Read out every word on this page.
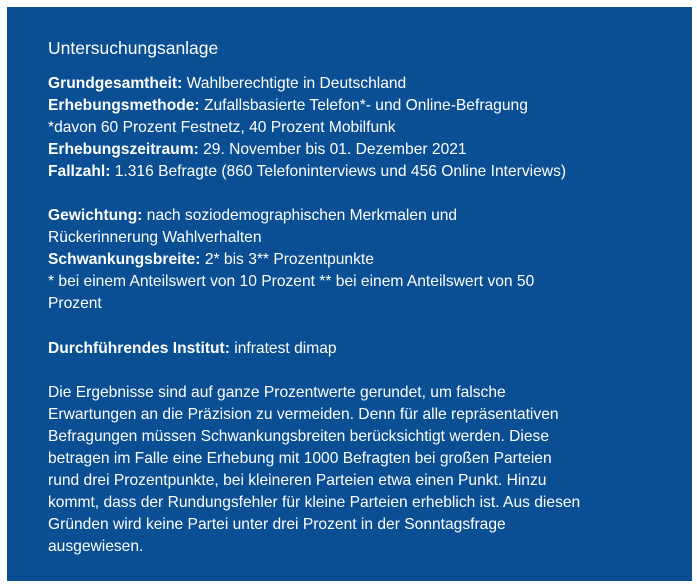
Untersuchungsanlage
Grundgesamtheit: Wahlberechtigte in Deutschland
Erhebungsmethode: Zufallsbasierte Telefon*- und Online-Befragung
*davon 60 Prozent Festnetz, 40 Prozent Mobilfunk
Erhebungszeitraum: 29. November bis 01. Dezember 2021
Fallzahl: 1.316 Befragte (860 Telefoninterviews und 456 Online Interviews)
Gewichtung: nach soziodemographischen Merkmalen und
Rückerinnerung Wahlverhalten
Schwankungsbreite: 2* bis 3** Prozentpunkte
* bei einem Anteilswert von 10 Prozent ** bei einem Anteilswert von 50
Prozent
Durchführendes Institut: infratest dimap
Die Ergebnisse sind auf ganze Prozentwerte gerundet, um falsche
Erwartungen an die Präzision zu vermeiden. Denn für alle repräsentativen
Befragungen müssen Schwankungsbreiten berücksichtigt werden. Diese
betragen im Falle eine Erhebung mit 1000 Befragten bei großen Parteien
rund drei Prozentpunkte, bei kleineren Parteien etwa einen Punkt. Hinzu
kommt, dass der Rundungsfehler für kleine Parteien erheblich ist. Aus diesen
Gründen wird keine Partei unter drei Prozent in der Sonntagsfrage
ausgewiesen.
